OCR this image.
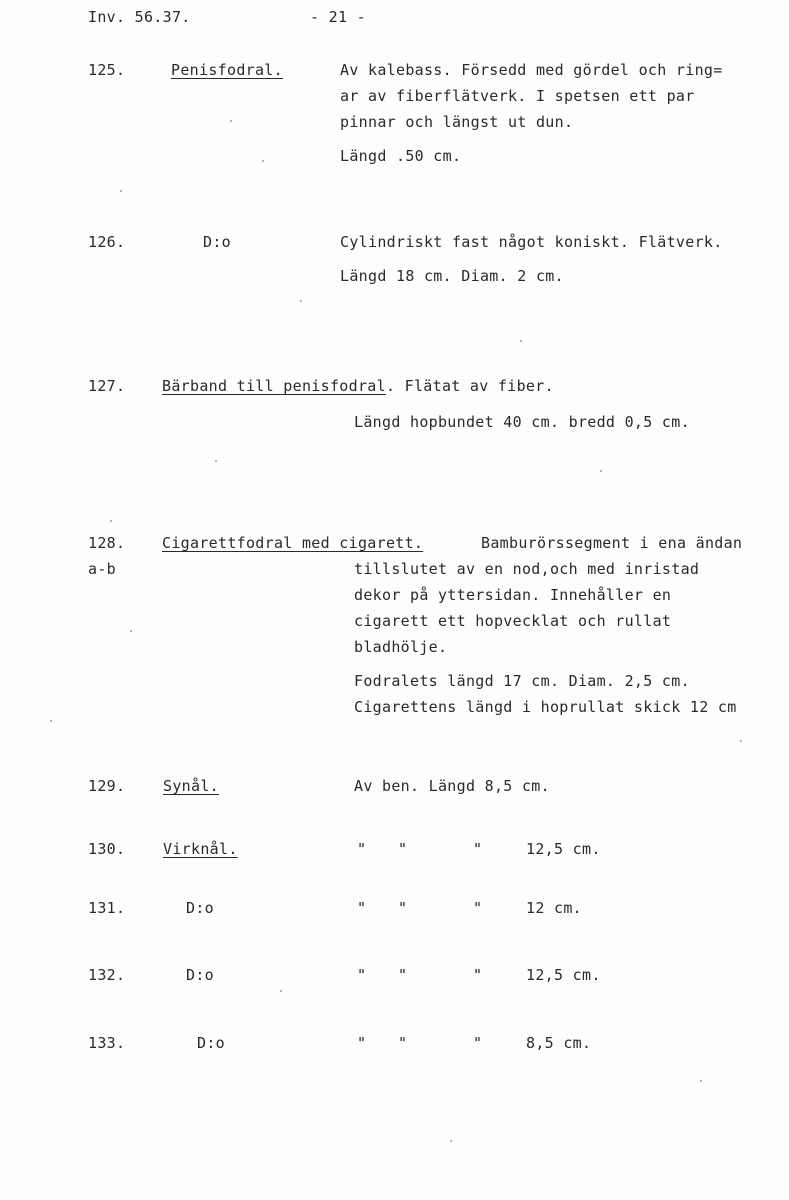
Inv. 56.37.	- 21 -
125.	Penisfodral.	Av kalebass. Försedd med gördel och ring=
ar av fiberflätverk. I spetsen ett par
pinnar och längst ut dun.
Längd .50 cm.
126.	D:o	Cylindriskt fast något koniskt. Flätverk.
Längd 18 cm. Diam. 2 cm.
127. Bärband till penisfodral. Flätat av fiber.
Längd hopbundet 40 cm. bredd 0,5 cm.
128.
a-b
Cigarettfodral med cigarett.	Bamburörssegment i ena ändan
tillslutet av en nod,och med inristad
dekor på yttersidan. Innehåller en
cigarett ett hopvecklat och rullat
bladhölje.
Fodralets längd 17 cm. Diam. 2,5 cm.
Cigarettens längd i hoprullat skick 12 cm
129.	Synål.	Av ben. Längd 8,5 cm.
130.	Virknål.	" "	"	12,5 cm.
131.	D:o	" "	"	12 cm.
132.	D:o	" "	"	12,5 cm.
133.	D:o	" "	"	8,5 cm.
